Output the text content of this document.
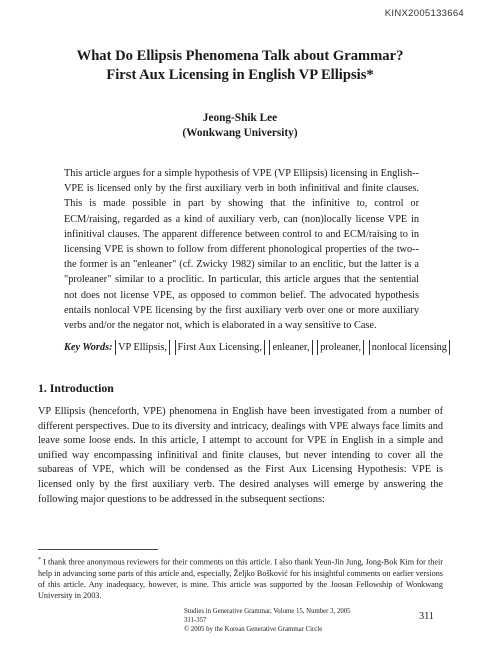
KINX2005133664
What Do Ellipsis Phenomena Talk about Grammar?
First Aux Licensing in English VP Ellipsis*
Jeong-Shik Lee
(Wonkwang University)

This article argues for a simple hypothesis of VPE (VP Ellipsis) licensing in English--VPE is licensed only by the first auxiliary verb in both infinitival and finite clauses. This is made possible in part by showing that the infinitive to, control or ECM/raising, regarded as a kind of auxiliary verb, can (non)locally license VPE in infinitival clauses. The apparent difference between control to and ECM/raising to in licensing VPE is shown to follow from different phonological properties of the two--the former is an "enleaner" (cf. Zwicky 1982) similar to an enclitic, but the latter is a "proleaner" similar to a proclitic. In particular, this article argues that the sentential not does not license VPE, as opposed to common belief. The advocated hypothesis entails nonlocal VPE licensing by the first auxiliary verb over one or more auxiliary verbs and/or the negator not, which is elaborated in a way sensitive to Case.

Key Words: VP Ellipsis, First Aux Licensing, enleaner, proleaner, nonlocal licensing
1. Introduction

VP Ellipsis (henceforth, VPE) phenomena in English have been investigated from a number of different perspectives. Due to its diversity and intricacy, dealings with VPE always face limits and leave some loose ends. In this article, I attempt to account for VPE in English in a simple and unified way encompassing infinitival and finite clauses, but never intending to cover all the subareas of VPE, which will be condensed as the First Aux Licensing Hypothesis: VPE is licensed only by the first auxiliary verb. The desired analyses will emerge by answering the following major questions to be addressed in the subsequent sections:

* I thank three anonymous reviewers for their comments on this article. I also thank Yeun-Jin Jung, Jong-Bok Kim for their help in advancing some parts of this article and, especially, Željko Bošković for his insightful comments on earlier versions of this article. Any inadequacy, however, is mine. This article was supported by the Joosan Fellowship of Wonkwang University in 2003.

Studies in Generative Grammar, Volume 15, Number 3, 2005
311-357
© 2005 by the Korean Generative Grammar Circle
311
